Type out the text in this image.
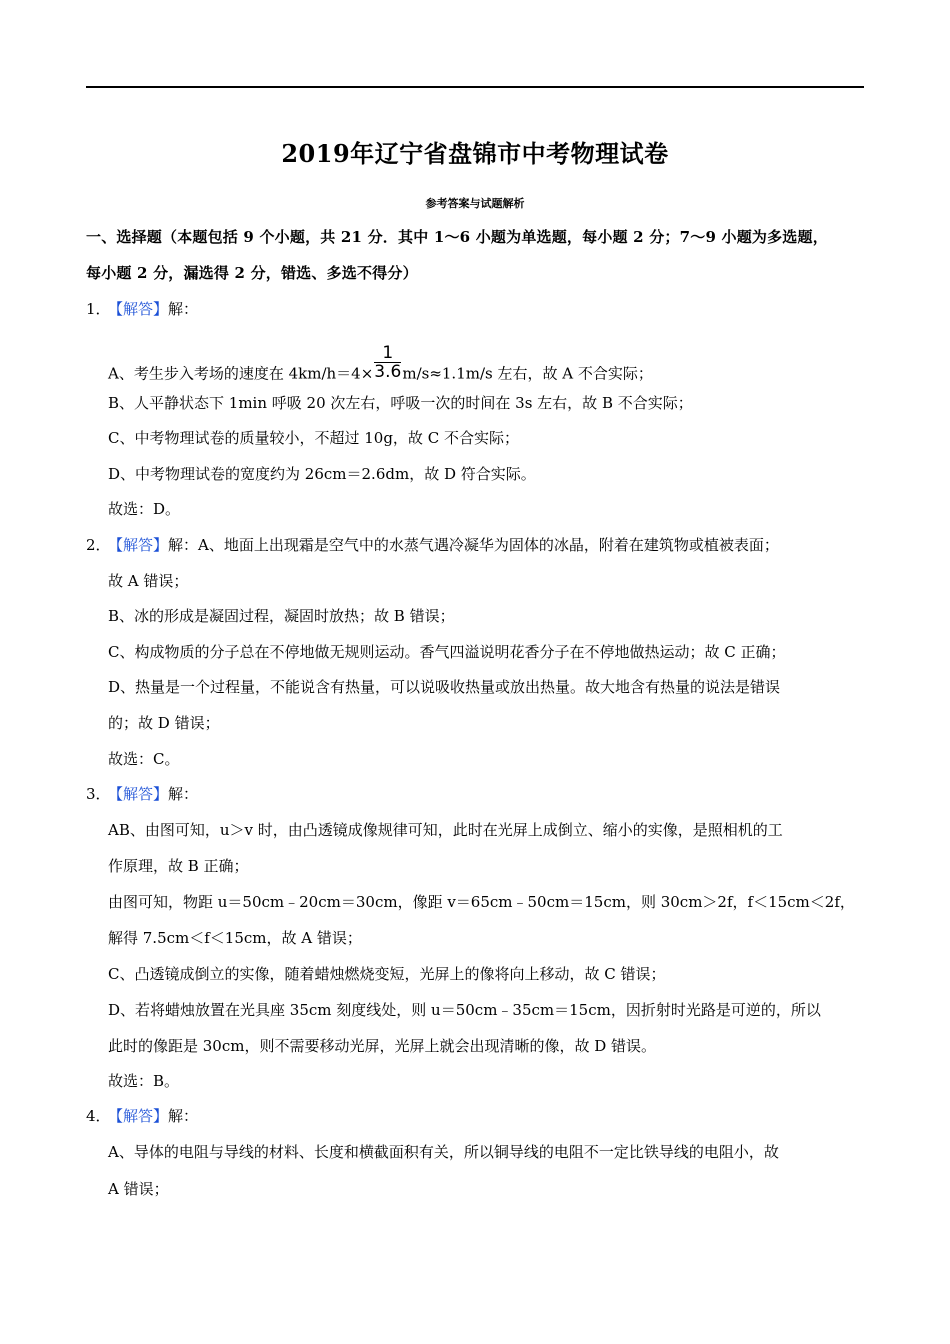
2019年辽宁省盘锦市中考物理试卷
参考答案与试题解析
一、选择题（本题包括 9 个小题，共 21 分．其中 1～6 小题为单选题，每小题 2 分；7～9 小题为多选题，
每小题 2 分，漏选得 2 分，错选、多选不得分）
1．【解答】解：
A、考生步入考场的速度在 $4km/h=4\times \frac{1}{3.6} m/s\approx 1.1m/s$ 左右，故 A 不合实际；
B、人平静状态下 1min 呼吸 20 次左右，呼吸一次的时间在 3s 左右，故 B 不合实际；
C、中考物理试卷的质量较小，不超过 10g，故 C 不合实际；
D、中考物理试卷的宽度约为 26cm＝2.6dm，故 D 符合实际。
故选：D。
2．【解答】解：A、地面上出现霜是空气中的水蒸气遇冷凝华为固体的冰晶，附着在建筑物或植被表面；
故 A 错误；
B、冰的形成是凝固过程，凝固时放热；故 B 错误；
C、构成物质的分子总在不停地做无规则运动。香气四溢说明花香分子在不停地做热运动；故 C 正确；
D、热量是一个过程量，不能说含有热量，可以说吸收热量或放出热量。故大地含有热量的说法是错误
的；故 D 错误；
故选：C。
3．【解答】解：
AB、由图可知，u＞v 时，由凸透镜成像规律可知，此时在光屏上成倒立、缩小的实像，是照相机的工
作原理，故 B 正确；
由图可知，物距 u＝50cm﹣20cm＝30cm，像距 v＝65cm﹣50cm＝15cm，则 30cm＞2f，f＜15cm＜2f，
解得 7.5cm＜f＜15cm，故 A 错误；
C、凸透镜成倒立的实像，随着蜡烛燃烧变短，光屏上的像将向上移动，故 C 错误；
D、若将蜡烛放置在光具座 35cm 刻度线处，则 u＝50cm﹣35cm＝15cm，因折射时光路是可逆的，所以
此时的像距是 30cm，则不需要移动光屏，光屏上就会出现清晰的像，故 D 错误。
故选：B。
4．【解答】解：
A、导体的电阻与导线的材料、长度和横截面积有关，所以铜导线的电阻不一定比铁导线的电阻小，故
A 错误；
